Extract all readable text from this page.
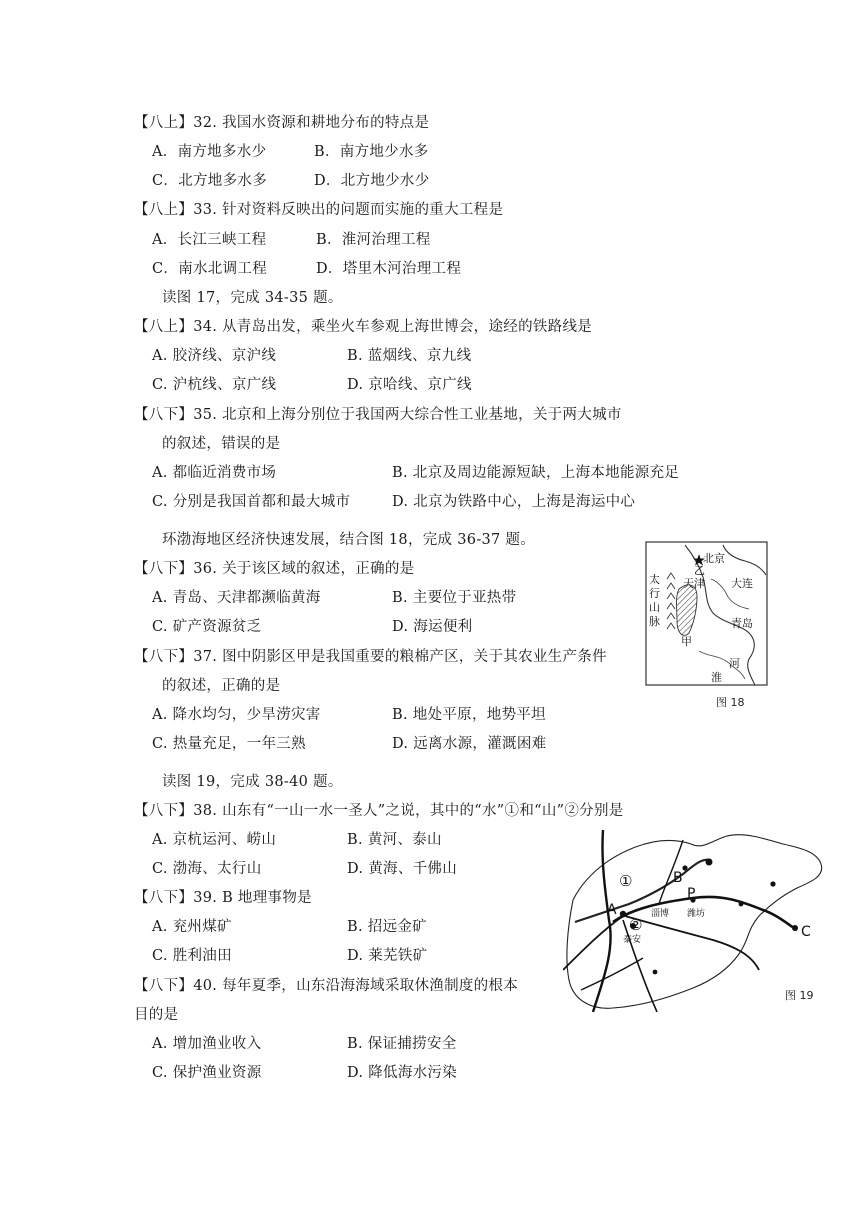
【八上】32. 我国水资源和耕地分布的特点是
A．南方地多水少	B．南方地少水多
C．北方地多水多	D．北方地少水少
【八上】33. 针对资料反映出的问题而实施的重大工程是
A．长江三峡工程	B．淮河治理工程
C．南水北调工程	D．塔里木河治理工程
读图 17，完成 34-35 题。
【八上】34. 从青岛出发，乘坐火车参观上海世博会，途经的铁路线是
A. 胶济线、京沪线	B. 蓝烟线、京九线
C. 沪杭线、京广线	D. 京哈线、京广线
【八下】35. 北京和上海分别位于我国两大综合性工业基地，关于两大城市
的叙述，错误的是
A. 都临近消费市场	B. 北京及周边能源短缺，上海本地能源充足
C. 分别是我国首都和最大城市	D. 北京为铁路中心，上海是海运中心
环渤海地区经济快速发展，结合图 18，完成 36-37 题。
【八下】36. 关于该区域的叙述，正确的是
A. 青岛、天津都濒临黄海	B. 主要位于亚热带
C. 矿产资源贫乏	D. 海运便利
【八下】37. 图中阴影区甲是我国重要的粮棉产区，关于其农业生产条件
的叙述，正确的是
A. 降水均匀，少旱涝灾害	B. 地处平原，地势平坦
C. 热量充足，一年三熟	D. 远离水源，灌溉困难
读图 19，完成 38-40 题。
【八下】38. 山东有“一山一水一圣人”之说，其中的“水”①和“山”②分别是
A. 京杭运河、崂山	B. 黄河、泰山
C. 渤海、太行山	D. 黄海、千佛山
【八下】39. B 地理事物是
A. 兖州煤矿	B. 招远金矿
C. 胜利油田	D. 莱芜铁矿
【八下】40. 每年夏季，山东沿海海域采取休渔制度的根本
目的是
A. 增加渔业收入	B. 保证捕捞安全
C. 保护渔业资源	D. 降低海水污染
北京
乙
天津 大连
太
行
山
脉
甲
青岛
河
淮
图 18
①
②
A
B
P
C
淄博 潍坊
泰安
图 19
